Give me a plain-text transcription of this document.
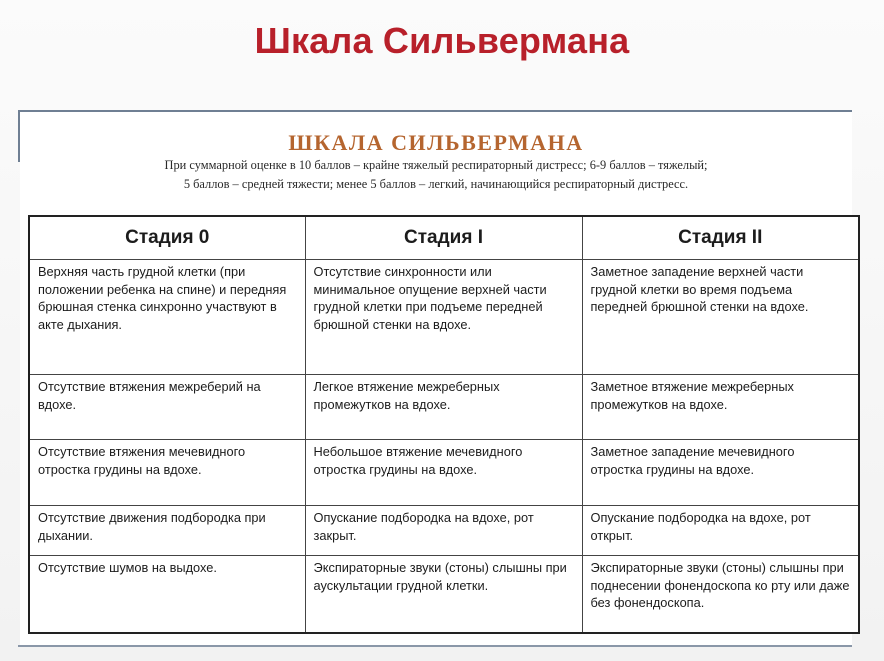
Шкала Сильвермана
ШКАЛА СИЛЬВЕРМАНА
При суммарной оценке в 10 баллов – крайне тяжелый респираторный дистресс; 6-9 баллов – тяжелый;
5 баллов – средней тяжести; менее 5 баллов – легкий, начинающийся респираторный дистресс.
Стадия 0	Стадия I	Стадия II
Верхняя часть грудной клетки (при положении ребенка на спине) и передняя брюшная стенка синхронно участвуют в акте дыхания.	Отсутствие синхронности или минимальное опущение верхней части грудной клетки при подъеме передней брюшной стенки на вдохе.	Заметное западение верхней части грудной клетки во время подъема передней брюшной стенки на вдохе.
Отсутствие втяжения межреберий на вдохе.	Легкое втяжение межреберных промежутков на вдохе.	Заметное втяжение межреберных промежутков на вдохе.
Отсутствие втяжения мечевидного отростка грудины на вдохе.	Небольшое втяжение мечевидного отростка грудины на вдохе.	Заметное западение мечевидного отростка грудины на вдохе.
Отсутствие движения подбородка при дыхании.	Опускание подбородка на вдохе, рот закрыт.	Опускание подбородка на вдохе, рот открыт.
Отсутствие шумов на выдохе.	Экспираторные звуки (стоны) слышны при аускультации грудной клетки.	Экспираторные звуки (стоны) слышны при поднесении фонендоскопа ко рту или даже без фонендоскопа.
